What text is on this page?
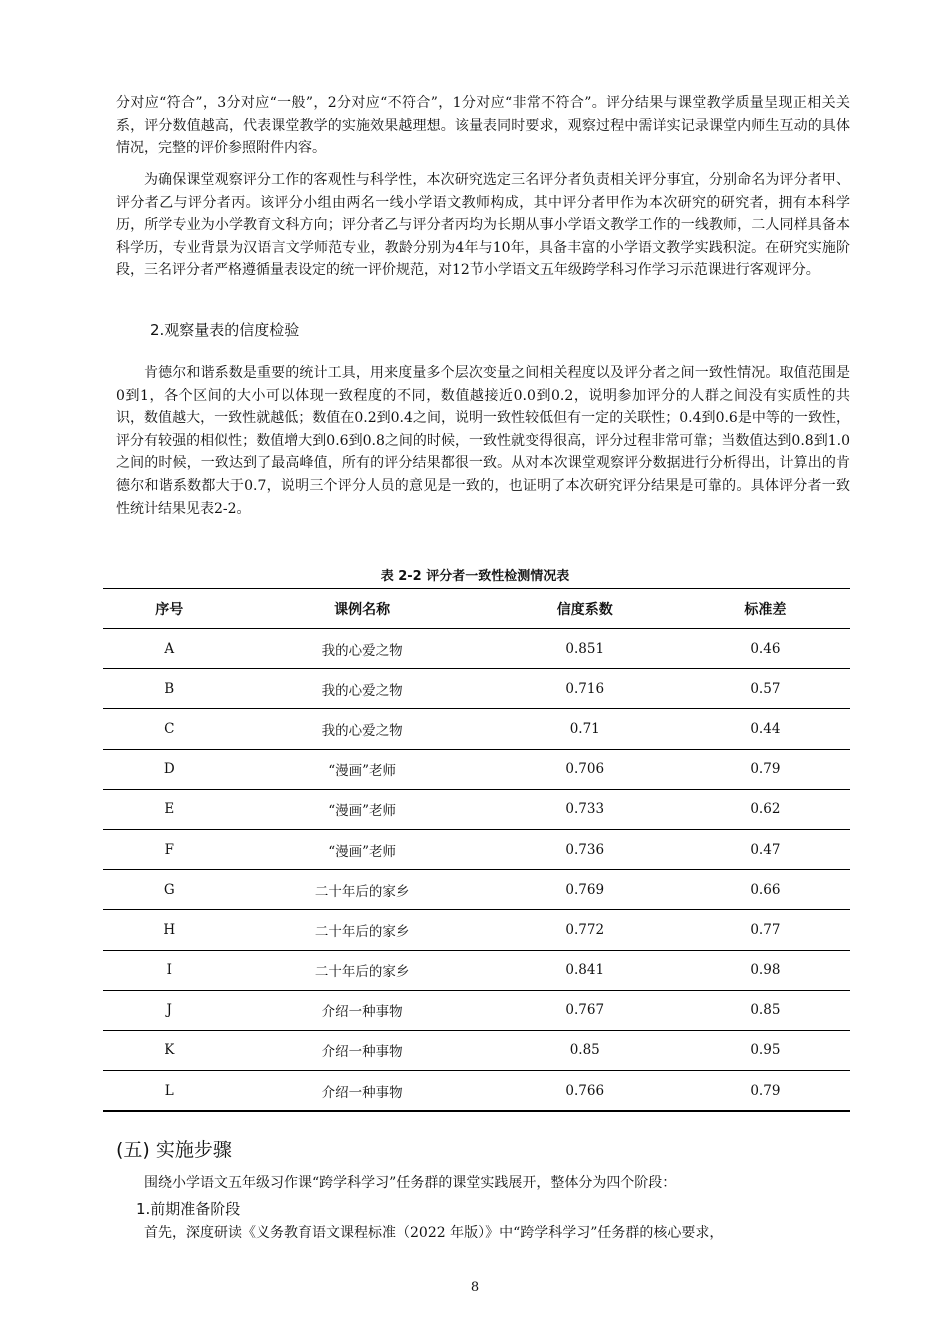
分对应“符合”，3分对应“一般”，2分对应“不符合”，1分对应“非常不符合”。评分结果与课堂教学质量呈现正相关关系，评分数值越高，代表课堂教学的实施效果越理想。该量表同时要求，观察过程中需详实记录课堂内师生互动的具体情况，完整的评价参照附件内容。

为确保课堂观察评分工作的客观性与科学性，本次研究选定三名评分者负责相关评分事宜，分别命名为评分者甲、评分者乙与评分者丙。该评分小组由两名一线小学语文教师构成，其中评分者甲作为本次研究的研究者，拥有本科学历，所学专业为小学教育文科方向；评分者乙与评分者丙均为长期从事小学语文教学工作的一线教师，二人同样具备本科学历，专业背景为汉语言文学师范专业，教龄分别为4年与10年，具备丰富的小学语文教学实践积淀。在研究实施阶段，三名评分者严格遵循量表设定的统一评价规范，对12节小学语文五年级跨学科习作学习示范课进行客观评分。

2.观察量表的信度检验

肯德尔和谐系数是重要的统计工具，用来度量多个层次变量之间相关程度以及评分者之间一致性情况。取值范围是0到1，各个区间的大小可以体现一致程度的不同，数值越接近0.0到0.2，说明参加评分的人群之间没有实质性的共识，数值越大，一致性就越低；数值在0.2到0.4之间，说明一致性较低但有一定的关联性；0.4到0.6是中等的一致性，评分有较强的相似性；数值增大到0.6到0.8之间的时候，一致性就变得很高，评分过程非常可靠；当数值达到0.8到1.0之间的时候，一致达到了最高峰值，所有的评分结果都很一致。从对本次课堂观察评分数据进行分析得出，计算出的肯德尔和谐系数都大于0.7，说明三个评分人员的意见是一致的，也证明了本次研究评分结果是可靠的。具体评分者一致性统计结果见表2-2。

表 2-2 评分者一致性检测情况表
序号	课例名称	信度系数	标准差
A	我的心爱之物	0.851	0.46
B	我的心爱之物	0.716	0.57
C	我的心爱之物	0.71	0.44
D	“漫画”老师	0.706	0.79
E	“漫画”老师	0.733	0.62
F	“漫画”老师	0.736	0.47
G	二十年后的家乡	0.769	0.66
H	二十年后的家乡	0.772	0.77
I	二十年后的家乡	0.841	0.98
J	介绍一种事物	0.767	0.85
K	介绍一种事物	0.85	0.95
L	介绍一种事物	0.766	0.79

(五) 实施步骤

围绕小学语文五年级习作课“跨学科学习”任务群的课堂实践展开，整体分为四个阶段：

1.前期准备阶段

首先，深度研读《义务教育语文课程标准（2022 年版）》中“跨学科学习”任务群的核心要求，

8
